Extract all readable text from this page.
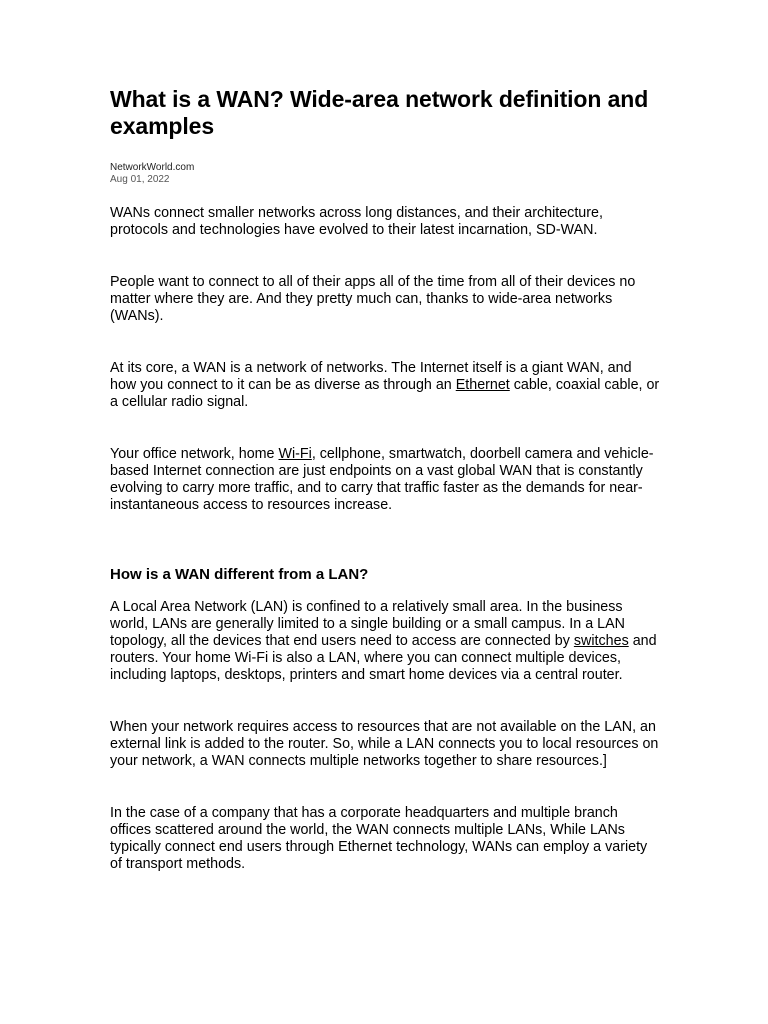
What is a WAN? Wide-area network definition and examples
NetworkWorld.com
Aug 01, 2022

WANs connect smaller networks across long distances, and their architecture, protocols and technologies have evolved to their latest incarnation, SD-WAN.

People want to connect to all of their apps all of the time from all of their devices no matter where they are. And they pretty much can, thanks to wide-area networks (WANs).

At its core, a WAN is a network of networks. The Internet itself is a giant WAN, and how you connect to it can be as diverse as through an Ethernet cable, coaxial cable, or a cellular radio signal.

Your office network, home Wi-Fi, cellphone, smartwatch, doorbell camera and vehicle-based Internet connection are just endpoints on a vast global WAN that is constantly evolving to carry more traffic, and to carry that traffic faster as the demands for near-instantaneous access to resources increase.

How is a WAN different from a LAN?

A Local Area Network (LAN) is confined to a relatively small area. In the business world, LANs are generally limited to a single building or a small campus. In a LAN topology, all the devices that end users need to access are connected by switches and routers. Your home Wi-Fi is also a LAN, where you can connect multiple devices, including laptops, desktops, printers and smart home devices via a central router.

When your network requires access to resources that are not available on the LAN, an external link is added to the router. So, while a LAN connects you to local resources on your network, a WAN connects multiple networks together to share resources.]

In the case of a company that has a corporate headquarters and multiple branch offices scattered around the world, the WAN connects multiple LANs, While LANs typically connect end users through Ethernet technology, WANs can employ a variety of transport methods.
